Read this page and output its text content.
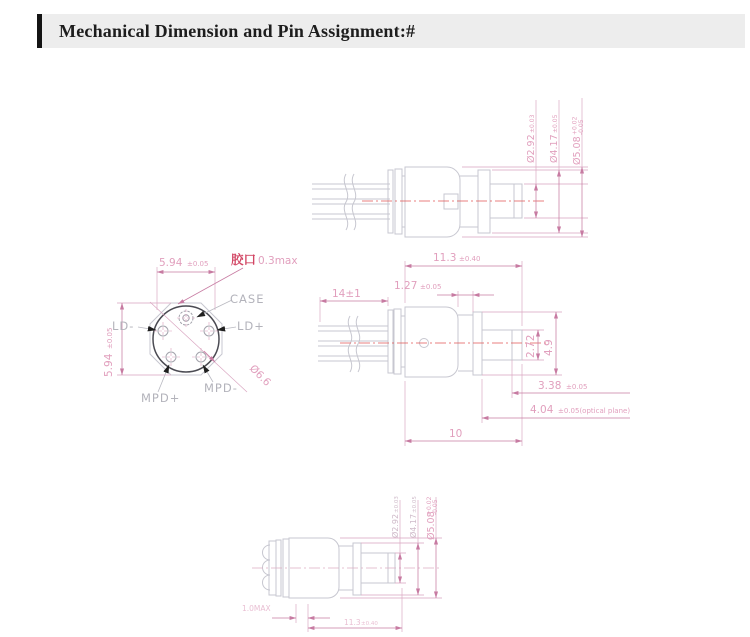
Mechanical Dimension and Pin Assignment:#
Ø2.92
±0.03
Ø4.17
±0.05
Ø5.08
+0.02 -0.05
5.94 ±0.05
5.94
±0.05
胶口 0.3max
Ø6.6
CASE
LD-	LD+
MPD+
MPD-
14±1
11.3 ±0.40
1.27 ±0.05
2.72 4.9
3.38 ±0.05
4.04 ±0.05(optical plane)
10
Ø2.92
±0.03
Ø4.17
±0.05
Ø5.08
+0.02 -0.05
1.0MAX
11.3 ±0.40
